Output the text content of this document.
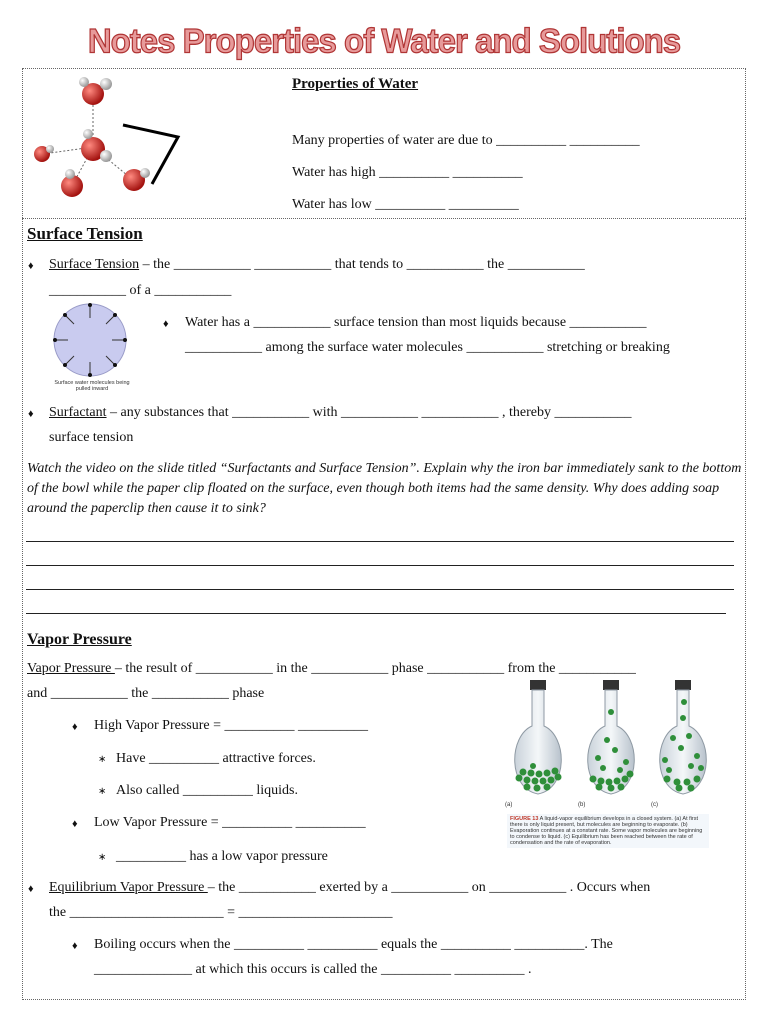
Notes Properties of Water and Solutions
Properties of Water
Many properties of water are due to __________ __________
Water has high __________ __________
Water has low __________ __________
Surface Tension
♦ Surface Tension – the ___________ ___________ that tends to ___________ the ___________
___________ of a ___________
Surface water molecules being pulled inward
♦ Water has a ___________ surface tension than most liquids because ___________
___________ among the surface water molecules ___________ stretching or breaking
♦ Surfactant – any substances that ___________ with ___________ ___________ , thereby ___________
surface tension
Watch the video on the slide titled “Surfactants and Surface Tension”. Explain why the iron bar immediately sank to the bottom of the bowl while the paper clip floated on the surface, even though both items had the same density. Why does adding soap around the paperclip then cause it to sink?
Vapor Pressure
Vapor Pressure – the result of ___________ in the ___________ phase ___________ from the ___________
and ___________ the ___________ phase
♦ High Vapor Pressure = __________ __________
∗ Have __________ attractive forces.
∗ Also called __________ liquids.
♦ Low Vapor Pressure = __________ __________
∗ __________ has a low vapor pressure
(a)	(b)	(c)
FIGURE 13 A liquid-vapor equilibrium develops in a closed system. (a) At first there is only liquid present, but molecules are beginning to evaporate. (b) Evaporation continues at a constant rate. Some vapor molecules are beginning to condense to liquid. (c) Equilibrium has been reached between the rate of condensation and the rate of evaporation.
♦ Equilibrium Vapor Pressure – the ___________ exerted by a ___________ on ___________ . Occurs when
the ______________________ = ______________________
♦ Boiling occurs when the __________ __________ equals the __________ __________. The
______________ at which this occurs is called the __________ __________ .
